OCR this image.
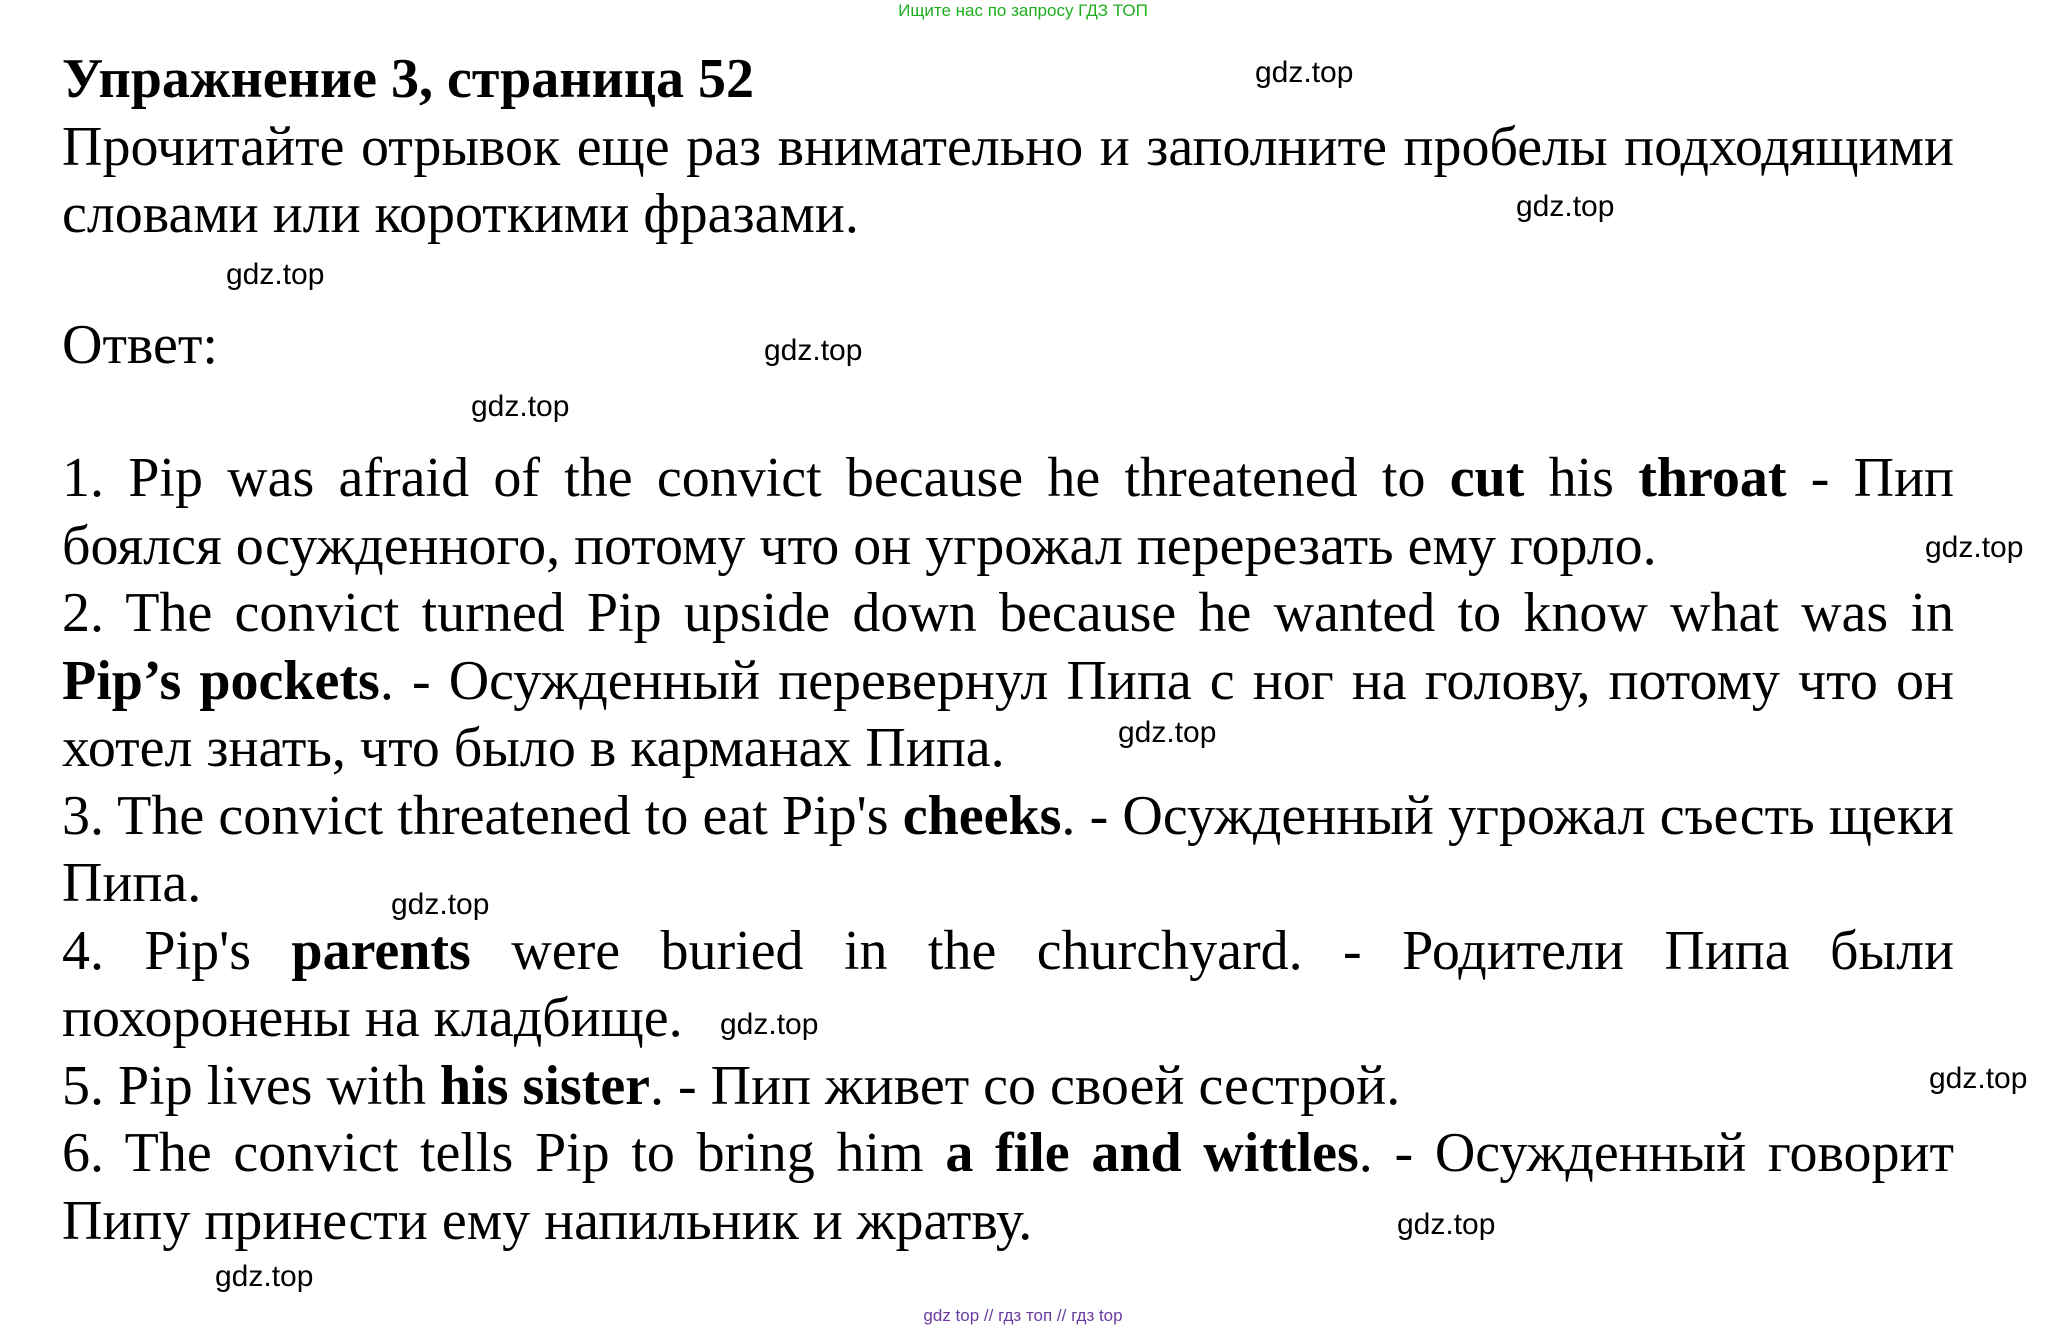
Ищите нас по запросу ГДЗ ТОП

Упражнение 3, страница 52

Прочитайте отрывок еще раз внимательно и заполните пробелы подходящими словами или короткими фразами.

Ответ:

1. Pip was afraid of the convict because he threatened to cut his throat - Пип боялся осужденного, потому что он угрожал перерезать ему горло.

2. The convict turned Pip upside down because he wanted to know what was in Pip’s pockets. - Осужденный перевернул Пипа с ног на голову, потому что он хотел знать, что было в карманах Пипа.

3. The convict threatened to eat Pip's cheeks. - Осужденный угрожал съесть щеки Пипа.

4. Pip's parents were buried in the churchyard. - Родители Пипа были похоронены на кладбище.

5. Pip lives with his sister. - Пип живет со своей сестрой.

6. The convict tells Pip to bring him a file and wittles. - Осужденный говорит Пипу принести ему напильник и жратву.

gdz.top
gdz.top
gdz.top
gdz.top
gdz.top
gdz.top
gdz.top
gdz.top
gdz.top
gdz.top
gdz.top
gdz.top
gdz top // гдз топ // гдз top
